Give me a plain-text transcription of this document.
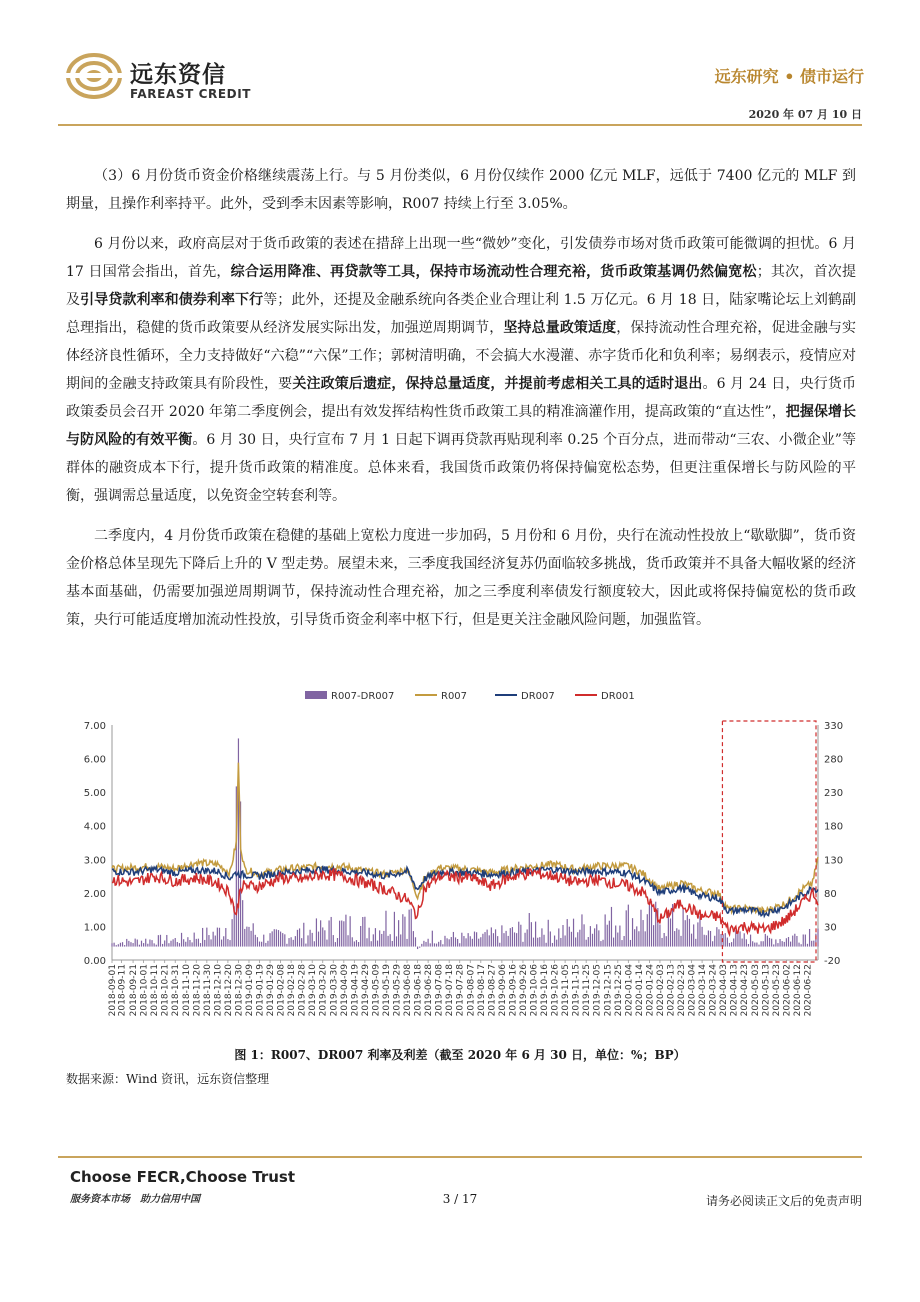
远东资信
FAREAST CREDIT
远东研究 • 债市运行
2020 年 07 月 10 日

（3）6 月份货币资金价格继续震荡上行。与 5 月份类似，6 月份仅续作 2000 亿元 MLF，远低于 7400 亿元的 MLF 到期量，且操作利率持平。此外，受到季末因素等影响，R007 持续上行至 3.05%。

6 月份以来，政府高层对于货币政策的表述在措辞上出现一些“微妙”变化，引发债券市场对货币政策可能微调的担忧。6 月 17 日国常会指出，首先，综合运用降准、再贷款等工具，保持市场流动性合理充裕，货币政策基调仍然偏宽松；其次，首次提及引导贷款利率和债券利率下行等；此外，还提及金融系统向各类企业合理让利 1.5 万亿元。6 月 18 日，陆家嘴论坛上刘鹤副总理指出，稳健的货币政策要从经济发展实际出发，加强逆周期调节，坚持总量政策适度，保持流动性合理充裕，促进金融与实体经济良性循环，全力支持做好“六稳”“六保”工作；郭树清明确，不会搞大水漫灌、赤字货币化和负利率；易纲表示，疫情应对期间的金融支持政策具有阶段性，要关注政策后遗症，保持总量适度，并提前考虑相关工具的适时退出。6 月 24 日，央行货币政策委员会召开 2020 年第二季度例会，提出有效发挥结构性货币政策工具的精准滴灌作用，提高政策的“直达性”，把握保增长与防风险的有效平衡。6 月 30 日，央行宣布 7 月 1 日起下调再贷款再贴现利率 0.25 个百分点，进而带动“三农、小微企业”等群体的融资成本下行，提升货币政策的精准度。总体来看，我国货币政策仍将保持偏宽松态势，但更注重保增长与防风险的平衡，强调需总量适度，以免资金空转套利等。

二季度内，4 月份货币政策在稳健的基础上宽松力度进一步加码，5 月份和 6 月份，央行在流动性投放上“歇歇脚”，货币资金价格总体呈现先下降后上升的 V 型走势。展望未来，三季度我国经济复苏仍面临较多挑战，货币政策并不具备大幅收紧的经济基本面基础，仍需要加强逆周期调节，保持流动性合理充裕，加之三季度利率债发行额度较大，因此或将保持偏宽松的货币政策，央行可能适度增加流动性投放，引导货币资金利率中枢下行，但是更关注金融风险问题，加强监管。

0.00
1.00
2.00
3.00
4.00
5.00
6.00
7.00
-20
30
80
130
180
230
280
330
2018-09-01 2018-09-11 2018-09-21 2018-10-01 2018-10-11 2018-10-21 2018-10-31 2018-11-10 2018-11-20 2018-11-30 2018-12-10 2018-12-20 2018-12-30 2019-01-09 2019-01-19 2019-01-29 2019-02-08 2019-02-18 2019-02-28 2019-03-10 2019-03-20 2019-03-30 2019-04-09 2019-04-19 2019-04-29 2019-05-09 2019-05-19 2019-05-29 2019-06-08 2019-06-18 2019-06-28 2019-07-08 2019-07-18 2019-07-28 2019-08-07 2019-08-17 2019-08-27 2019-09-06 2019-09-16 2019-09-26 2019-10-06 2019-10-16 2019-10-26 2019-11-05 2019-11-15 2019-11-25 2019-12-05 2019-12-15 2019-12-25 2020-01-04 2020-01-14 2020-01-24 2020-02-03 2020-02-13 2020-02-23 2020-03-04 2020-03-14 2020-03-24 2020-04-03 2020-04-13 2020-04-23 2020-05-03 2020-05-13 2020-05-23 2020-06-02 2020-06-12 2020-06-22
R007-DR007	R007	DR007	DR001
图 1：R007、DR007 利率及利差（截至 2020 年 6 月 30 日，单位：%；BP）
数据来源：Wind 资讯，远东资信整理
Choose FECR,Choose Trust
服务资本市场　助力信用中国	3 / 17	请务必阅读正文后的免责声明
